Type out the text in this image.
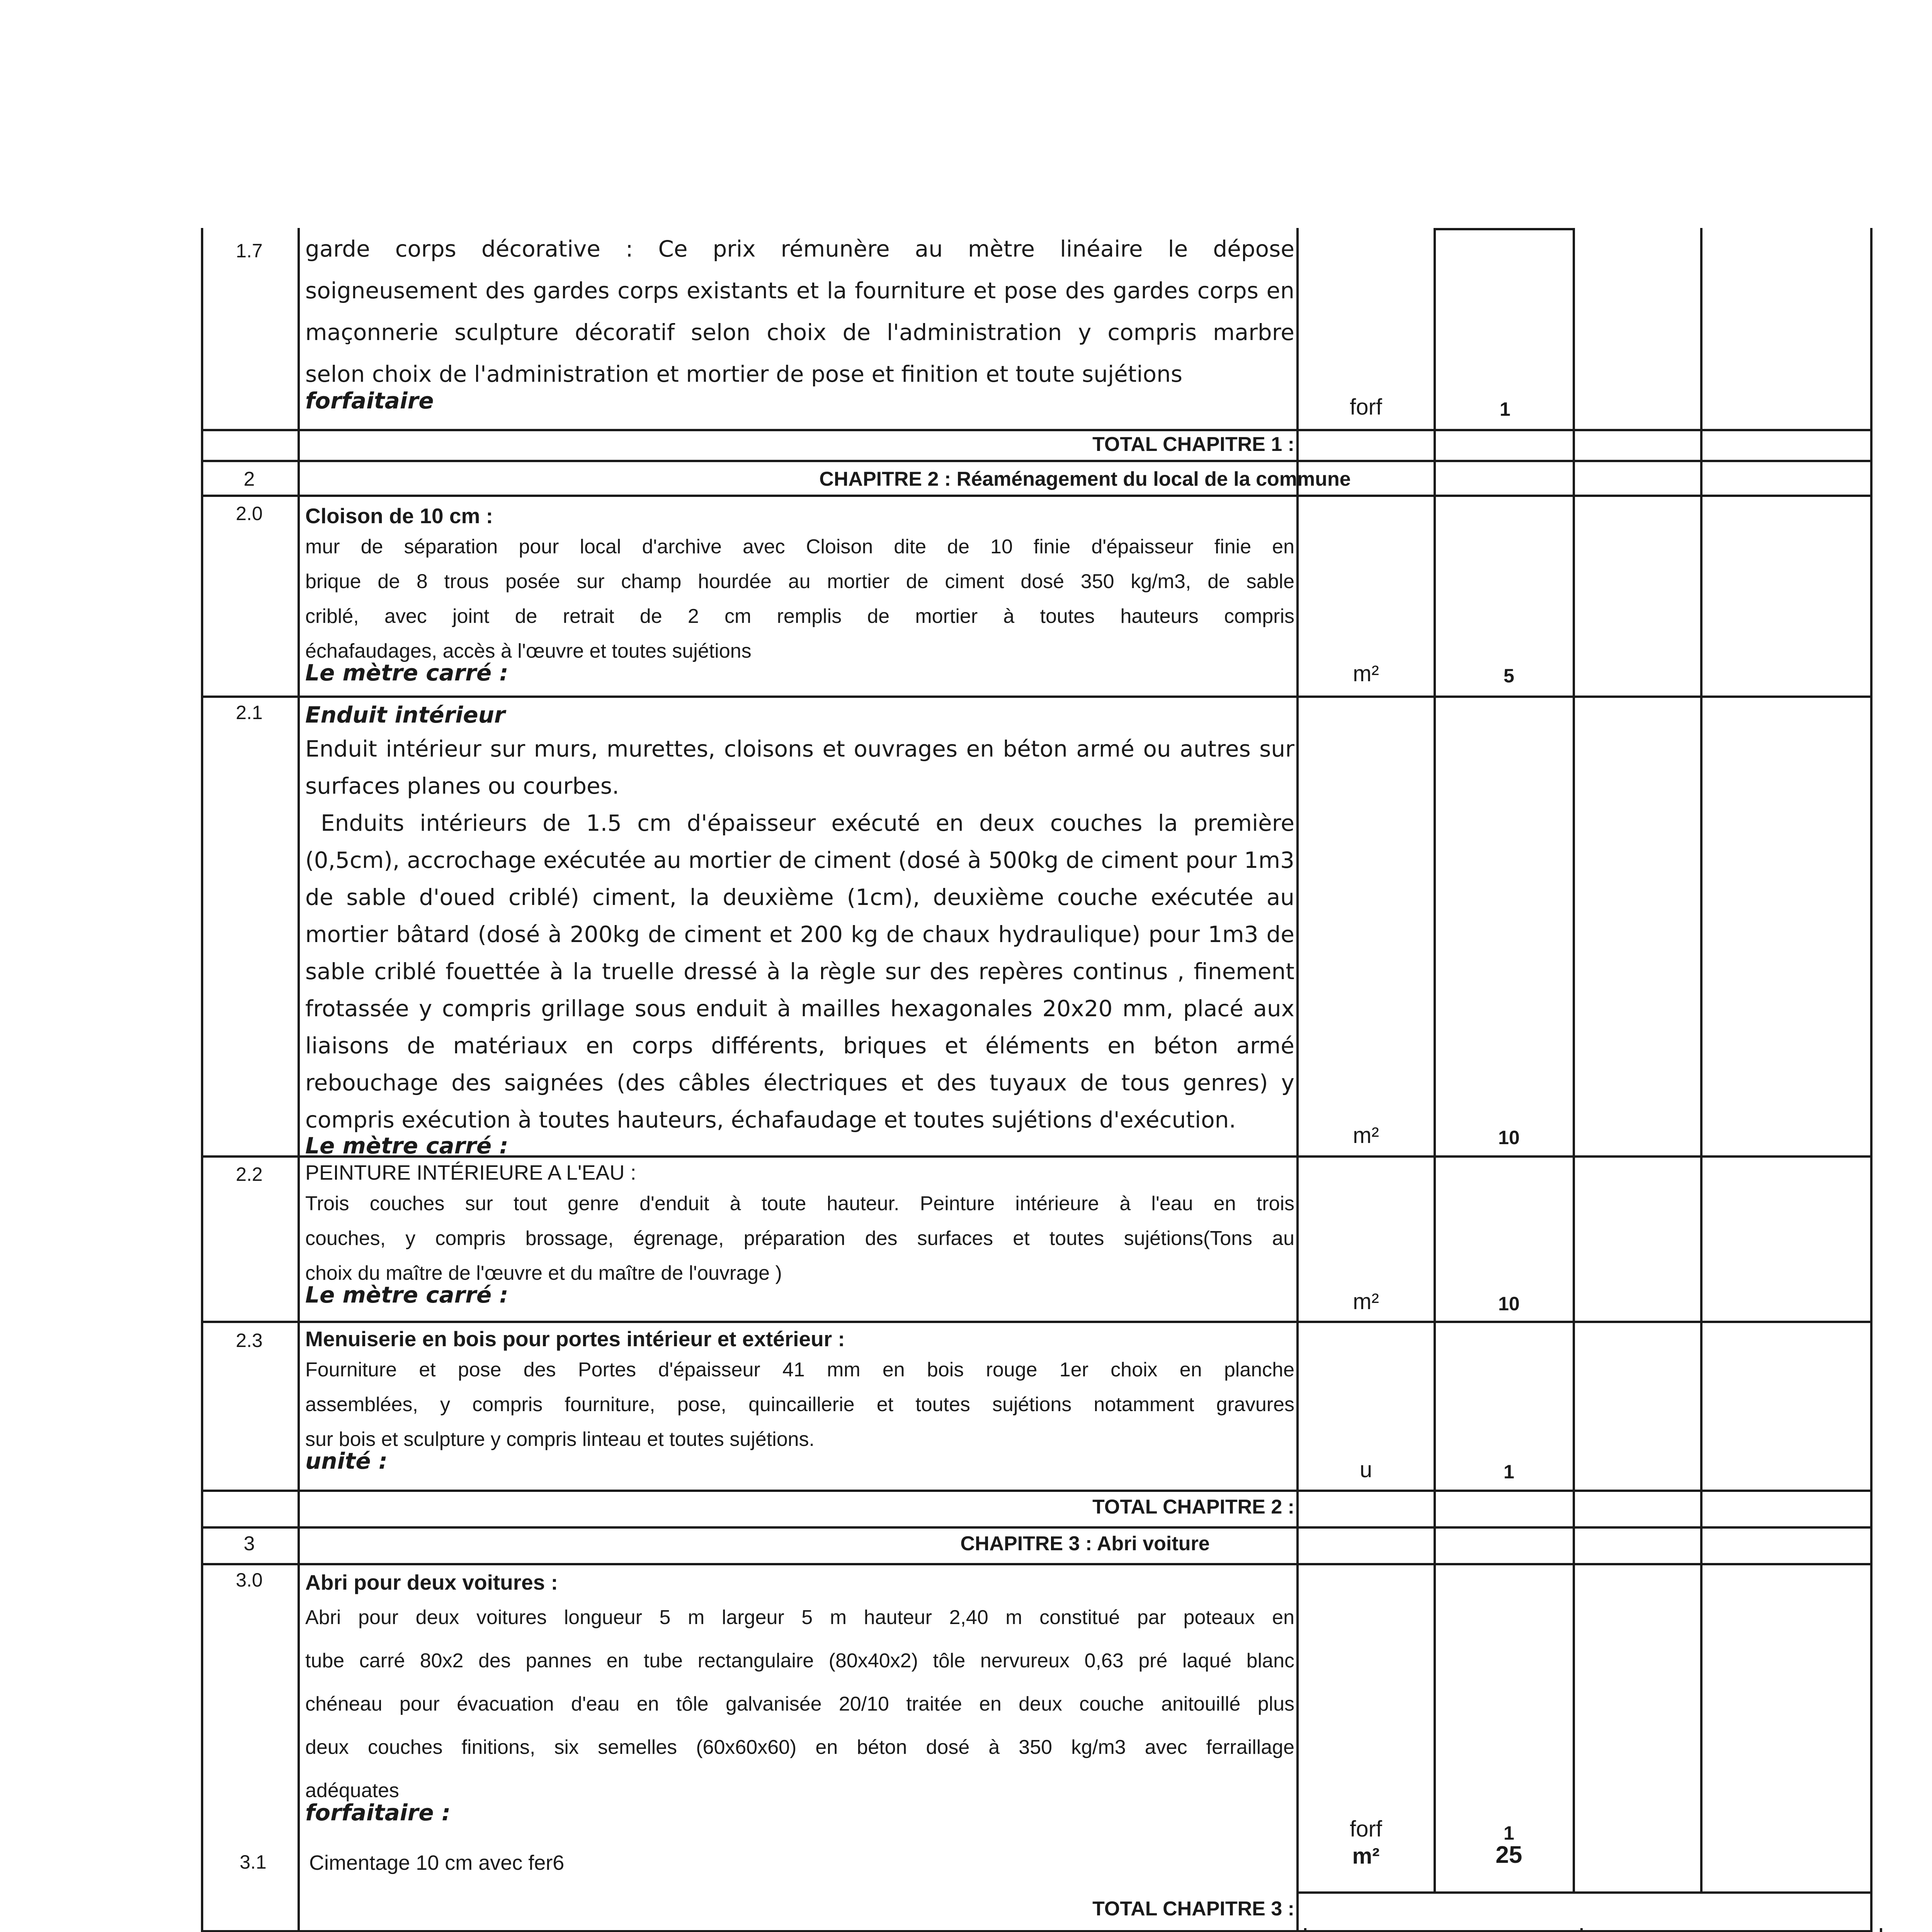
1.7	garde corps décorative : Ce prix rémunère au mètre linéaire le dépose
soigneusement des gardes corps existants et la fourniture et pose des gardes corps en
maçonnerie sculpture décoratif selon choix de l'administration y compris marbre
selon choix de l'administration et mortier de pose et finition et toute sujétions
forfaitaire	forf	1
TOTAL CHAPITRE 1 :
2	CHAPITRE 2 : Réaménagement du local de la commune
2.0	Cloison de 10 cm :
mur de séparation pour local d'archive avec Cloison dite de 10 finie d'épaisseur finie en
brique de 8 trous posée sur champ hourdée au mortier de ciment dosé 350 kg/m3, de sable
criblé, avec joint de retrait de 2 cm remplis de mortier à toutes hauteurs compris
échafaudages, accès à l'œuvre et toutes sujétions
Le mètre carré :	m²	5
2.1	Enduit intérieur
Enduit intérieur sur murs, murettes, cloisons et ouvrages en béton armé ou autres sur
surfaces planes ou courbes.
Enduits intérieurs de 1.5 cm d'épaisseur exécuté en deux couches la première
(0,5cm), accrochage exécutée au mortier de ciment (dosé à 500kg de ciment pour 1m3
de sable d'oued criblé) ciment, la deuxième (1cm), deuxième couche exécutée au
mortier bâtard (dosé à 200kg de ciment et 200 kg de chaux hydraulique) pour 1m3 de
sable criblé fouettée à la truelle dressé à la règle sur des repères continus , finement
frotassée y compris grillage sous enduit à mailles hexagonales 20x20 mm, placé aux
liaisons de matériaux en corps différents, briques et éléments en béton armé
rebouchage des saignées (des câbles électriques et des tuyaux de tous genres) y
compris exécution à toutes hauteurs, échafaudage et toutes sujétions d'exécution.
Le mètre carré :	m²	10
2.2	PEINTURE INTÉRIEURE A L'EAU :
Trois couches sur tout genre d'enduit à toute hauteur. Peinture intérieure à l'eau en trois
couches, y compris brossage, égrenage, préparation des surfaces et toutes sujétions(Tons au
choix du maître de l'œuvre et du maître de l'ouvrage )
Le mètre carré :	m²	10
2.3	Menuiserie en bois pour portes intérieur et extérieur :
Fourniture et pose des Portes d'épaisseur 41 mm en bois rouge 1er choix en planche
assemblées, y compris fourniture, pose, quincaillerie et toutes sujétions notamment gravures
sur bois et sculpture y compris linteau et toutes sujétions.
unité :	u	1
TOTAL CHAPITRE 2 :
3	CHAPITRE 3 : Abri voiture
3.0	Abri pour deux voitures :
Abri pour deux voitures longueur 5 m largeur 5 m hauteur 2,40 m constitué par poteaux en
tube carré 80x2 des pannes en tube rectangulaire (80x40x2) tôle nervureux 0,63 pré laqué blanc
chéneau pour évacuation d'eau en tôle galvanisée 20/10 traitée en deux couche anitouillé plus
deux couches finitions, six semelles (60x60x60) en béton dosé à 350 kg/m3 avec ferraillage
adéquates
forfaitaire :
forf	1
3.1	Cimentage 10 cm avec fer6	m²	25
TOTAL CHAPITRE 3 :
